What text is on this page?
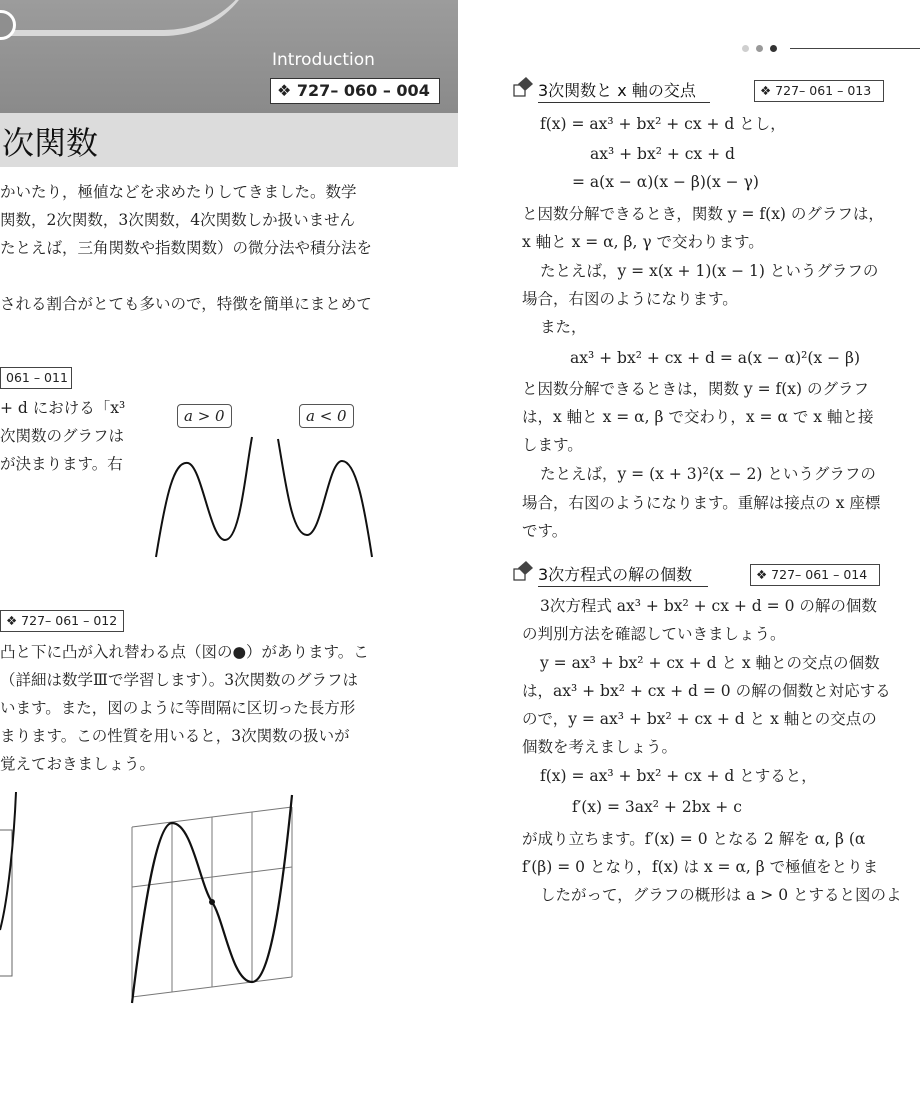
Introduction
❖ 727– 060 – 004
次関数
かいたり，極値などを求めたりしてきました。数学
関数，2次関数，3次関数，4次関数しか扱いません
たとえば，三角関数や指数関数）の微分法や積分法を

される割合がとても多いので，特徴を簡単にまとめて
061 – 011
+ d における「x³
次関数のグラフは
が決まります。右
a > 0	a < 0
❖ 727– 061 – 012
凸と下に凸が入れ替わる点（図の●）があります。こ
（詳細は数学Ⅲで学習します）。3次関数のグラフは
います。また，図のように等間隔に区切った長方形
まります。この性質を用いると，3次関数の扱いが
覚えておきましょう。
3次関数と x 軸の交点	❖ 727– 061 – 013
f(x) = ax³ + bx² + cx + d とし，
ax³ + bx² + cx + d
= a(x − α)(x − β)(x − γ)
と因数分解できるとき，関数 y = f(x) のグラフは，
x 軸と x = α, β, γ で交わります。
たとえば，y = x(x + 1)(x − 1) というグラフの
場合，右図のようになります。
また，
ax³ + bx² + cx + d = a(x − α)²(x − β)
と因数分解できるときは，関数 y = f(x) のグラフ
は，x 軸と x = α, β で交わり，x = α で x 軸と接
します。
たとえば，y = (x + 3)²(x − 2) というグラフの
場合，右図のようになります。重解は接点の x 座標
です。
3次方程式の解の個数	❖ 727– 061 – 014
3次方程式 ax³ + bx² + cx + d = 0 の解の個数
の判別方法を確認していきましょう。
y = ax³ + bx² + cx + d と x 軸との交点の個数
は，ax³ + bx² + cx + d = 0 の解の個数と対応する
ので，y = ax³ + bx² + cx + d と x 軸との交点の
個数を考えましょう。
f(x) = ax³ + bx² + cx + d とすると，
f′(x) = 3ax² + 2bx + c
が成り立ちます。f′(x) = 0 となる 2 解を α, β (α
f′(β) = 0 となり，f(x) は x = α, β で極値をとりま
したがって，グラフの概形は a > 0 とすると図のよ
